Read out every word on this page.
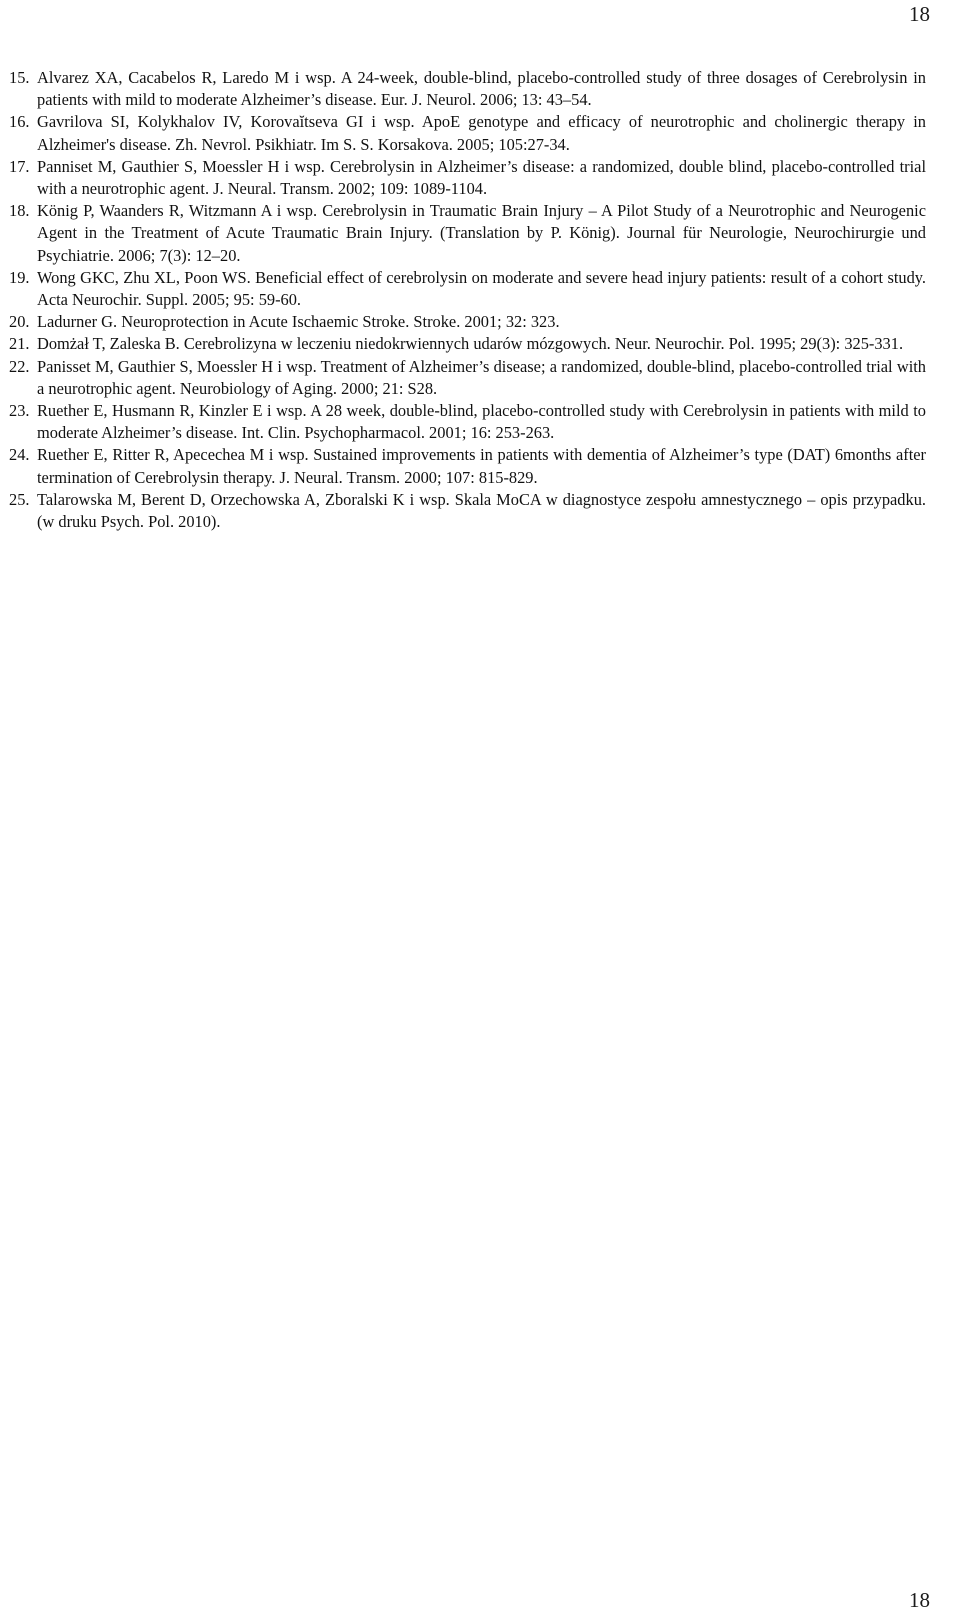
18
15. Alvarez XA, Cacabelos R, Laredo M i wsp. A 24-week, double-blind, placebo-controlled study of three dosages of Cerebrolysin in patients with mild to moderate Alzheimer’s disease. Eur. J. Neurol. 2006; 13: 43–54.
16. Gavrilova SI, Kolykhalov IV, Korovaĭtseva GI i wsp. ApoE genotype and efficacy of neurotrophic and cholinergic therapy in Alzheimer's disease. Zh. Nevrol. Psikhiatr. Im S. S. Korsakova. 2005; 105:27-34.
17. Panniset M, Gauthier S, Moessler H i wsp. Cerebrolysin in Alzheimer’s disease: a randomized, double blind, placebo-controlled trial with a neurotrophic agent. J. Neural. Transm. 2002; 109: 1089-1104.
18. König P, Waanders R, Witzmann A i wsp. Cerebrolysin in Traumatic Brain Injury – A Pilot Study of a Neurotrophic and Neurogenic Agent in the Treatment of Acute Traumatic Brain Injury. (Translation by P. König). Journal für Neurologie, Neurochirurgie und Psychiatrie. 2006; 7(3): 12–20.
19. Wong GKC, Zhu XL, Poon WS. Beneficial effect of cerebrolysin on moderate and severe head injury patients: result of a cohort study. Acta Neurochir. Suppl. 2005; 95: 59-60.
20. Ladurner G. Neuroprotection in Acute Ischaemic Stroke. Stroke. 2001; 32: 323.
21. Domżał T, Zaleska B. Cerebrolizyna w leczeniu niedokrwiennych udarów mózgowych. Neur. Neurochir. Pol. 1995; 29(3): 325-331.
22. Panisset M, Gauthier S, Moessler H i wsp. Treatment of Alzheimer’s disease; a randomized, double-blind, placebo-controlled trial with a neurotrophic agent. Neurobiology of Aging. 2000; 21: S28.
23. Ruether E, Husmann R, Kinzler E i wsp. A 28 week, double-blind, placebo-controlled study with Cerebrolysin in patients with mild to moderate Alzheimer’s disease. Int. Clin. Psychopharmacol. 2001; 16: 253-263.
24. Ruether E, Ritter R, Apecechea M i wsp. Sustained improvements in patients with dementia of Alzheimer’s type (DAT) 6months after termination of Cerebrolysin therapy. J. Neural. Transm. 2000; 107: 815-829.
25. Talarowska M, Berent D, Orzechowska A, Zboralski K i wsp. Skala MoCA w diagnostyce zespołu amnestycznego – opis przypadku. (w druku Psych. Pol. 2010).
18
